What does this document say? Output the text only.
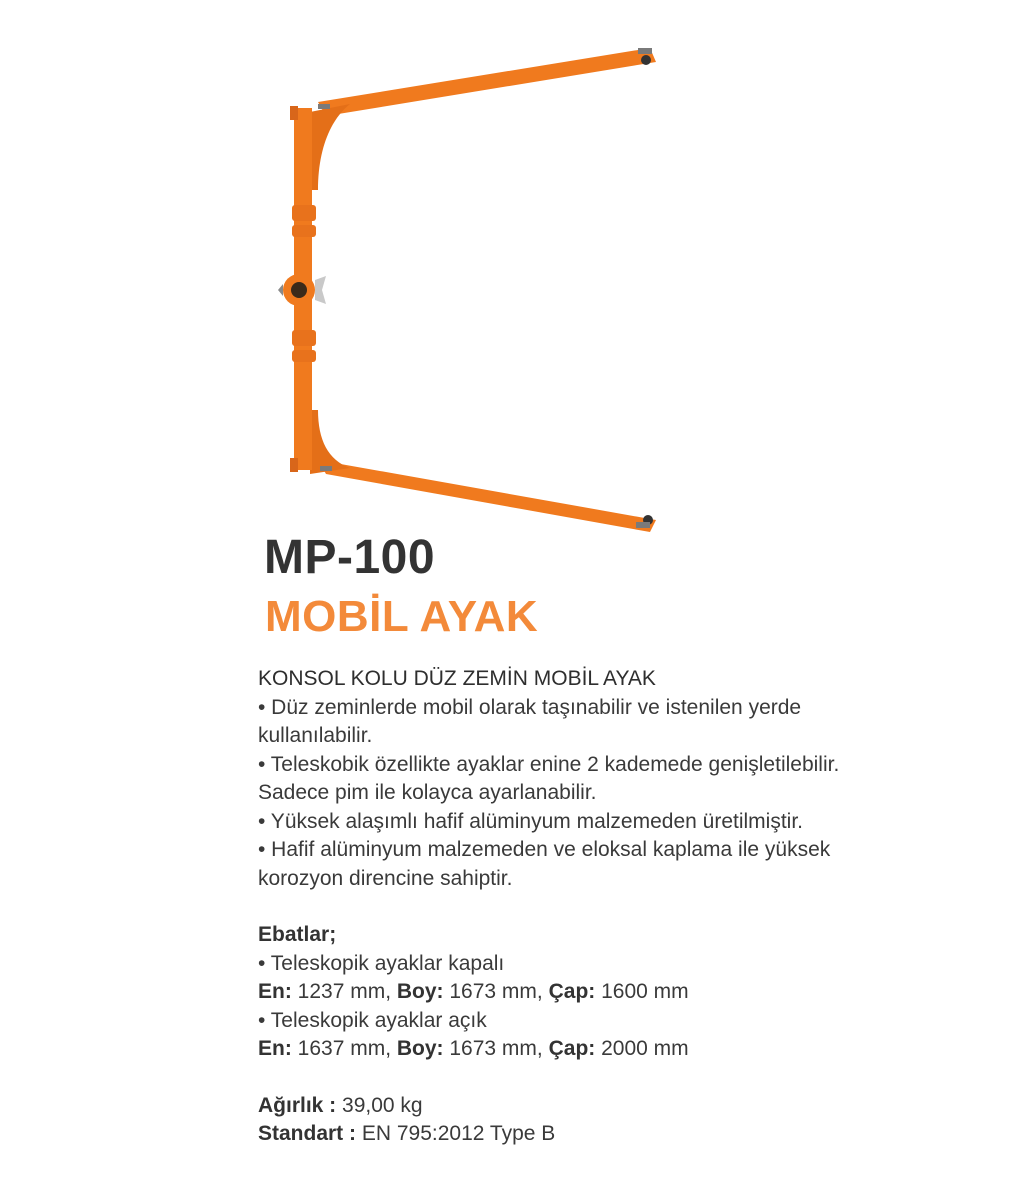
MP-100
MOBİL AYAK

KONSOL KOLU DÜZ ZEMİN MOBİL AYAK

• Düz zeminlerde mobil olarak taşınabilir ve istenilen yerde kullanılabilir.

• Teleskobik özellikte ayaklar enine 2 kademede genişletilebilir. Sadece pim ile kolayca ayarlanabilir.

• Yüksek alaşımlı hafif alüminyum malzemeden üretilmiştir.

• Hafif alüminyum malzemeden ve eloksal kaplama ile yüksek korozyon direncine sahiptir.

Ebatlar;

• Teleskopik ayaklar kapalı

En: 1237 mm, Boy: 1673 mm, Çap: 1600 mm

• Teleskopik ayaklar açık

En: 1637 mm, Boy: 1673 mm, Çap: 2000 mm

Ağırlık : 39,00 kg

Standart : EN 795:2012 Type B
